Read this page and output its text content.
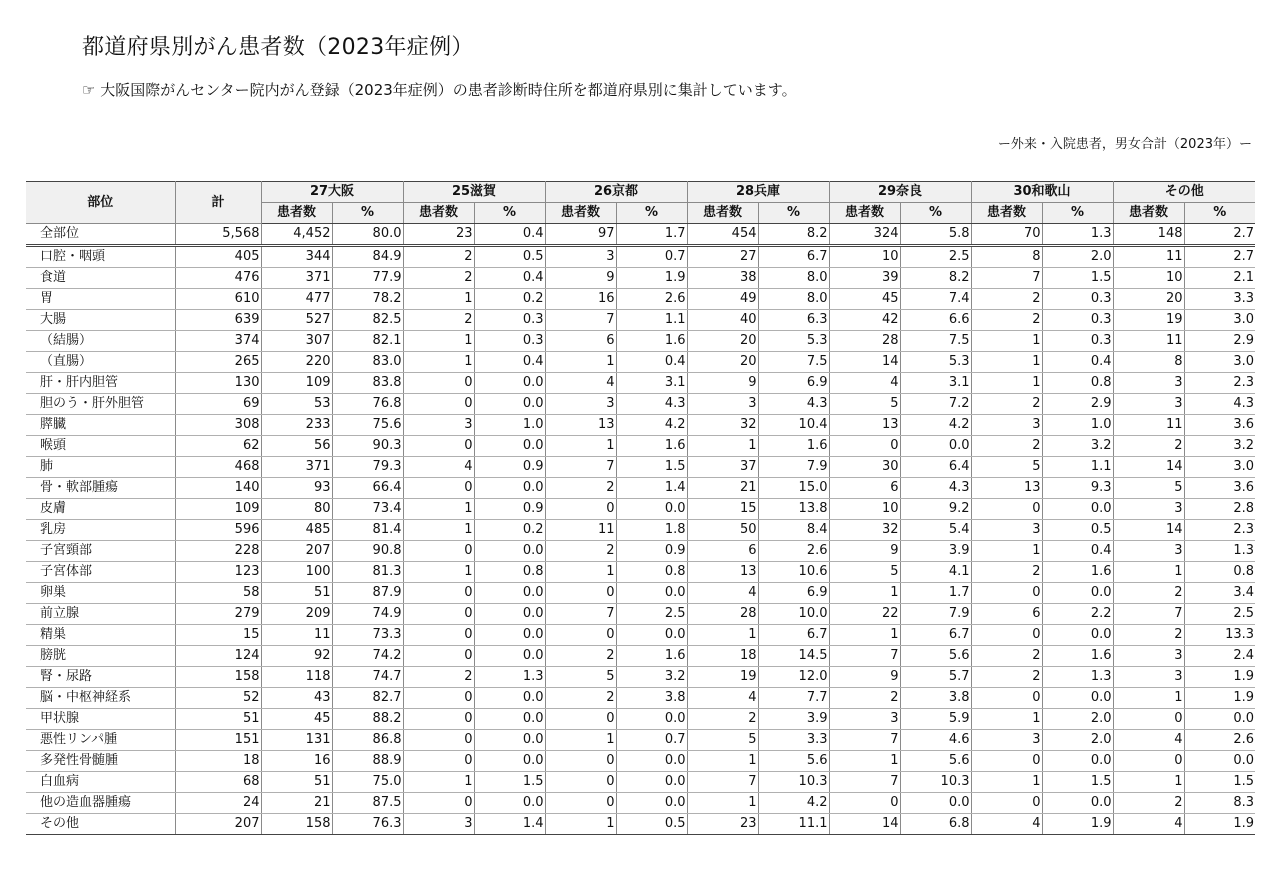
都道府県別がん患者数（2023年症例）
☞ 大阪国際がんセンター院内がん登録（2023年症例）の患者診断時住所を都道府県別に集計しています。
ー外来・入院患者，男女合計（2023年）ー
部位	計	27大阪		25滋賀		26京都		28兵庫		29奈良		30和歌山		その他	
		患者数	%	患者数	%	患者数	%	患者数	%	患者数	%	患者数	%	患者数	%
全部位	5,568	4,452	80.0	23	0.4	97	1.7	454	8.2	324	5.8	70	1.3	148	2.7
口腔・咽頭	405	344	84.9	2	0.5	3	0.7	27	6.7	10	2.5	8	2.0	11	2.7
食道	476	371	77.9	2	0.4	9	1.9	38	8.0	39	8.2	7	1.5	10	2.1
胃	610	477	78.2	1	0.2	16	2.6	49	8.0	45	7.4	2	0.3	20	3.3
大腸	639	527	82.5	2	0.3	7	1.1	40	6.3	42	6.6	2	0.3	19	3.0
（結腸）	374	307	82.1	1	0.3	6	1.6	20	5.3	28	7.5	1	0.3	11	2.9
（直腸）	265	220	83.0	1	0.4	1	0.4	20	7.5	14	5.3	1	0.4	8	3.0
肝・肝内胆管	130	109	83.8	0	0.0	4	3.1	9	6.9	4	3.1	1	0.8	3	2.3
胆のう・肝外胆管	69	53	76.8	0	0.0	3	4.3	3	4.3	5	7.2	2	2.9	3	4.3
膵臓	308	233	75.6	3	1.0	13	4.2	32	10.4	13	4.2	3	1.0	11	3.6
喉頭	62	56	90.3	0	0.0	1	1.6	1	1.6	0	0.0	2	3.2	2	3.2
肺	468	371	79.3	4	0.9	7	1.5	37	7.9	30	6.4	5	1.1	14	3.0
骨・軟部腫瘍	140	93	66.4	0	0.0	2	1.4	21	15.0	6	4.3	13	9.3	5	3.6
皮膚	109	80	73.4	1	0.9	0	0.0	15	13.8	10	9.2	0	0.0	3	2.8
乳房	596	485	81.4	1	0.2	11	1.8	50	8.4	32	5.4	3	0.5	14	2.3
子宮頸部	228	207	90.8	0	0.0	2	0.9	6	2.6	9	3.9	1	0.4	3	1.3
子宮体部	123	100	81.3	1	0.8	1	0.8	13	10.6	5	4.1	2	1.6	1	0.8
卵巣	58	51	87.9	0	0.0	0	0.0	4	6.9	1	1.7	0	0.0	2	3.4
前立腺	279	209	74.9	0	0.0	7	2.5	28	10.0	22	7.9	6	2.2	7	2.5
精巣	15	11	73.3	0	0.0	0	0.0	1	6.7	1	6.7	0	0.0	2	13.3
膀胱	124	92	74.2	0	0.0	2	1.6	18	14.5	7	5.6	2	1.6	3	2.4
腎・尿路	158	118	74.7	2	1.3	5	3.2	19	12.0	9	5.7	2	1.3	3	1.9
脳・中枢神経系	52	43	82.7	0	0.0	2	3.8	4	7.7	2	3.8	0	0.0	1	1.9
甲状腺	51	45	88.2	0	0.0	0	0.0	2	3.9	3	5.9	1	2.0	0	0.0
悪性リンパ腫	151	131	86.8	0	0.0	1	0.7	5	3.3	7	4.6	3	2.0	4	2.6
多発性骨髄腫	18	16	88.9	0	0.0	0	0.0	1	5.6	1	5.6	0	0.0	0	0.0
白血病	68	51	75.0	1	1.5	0	0.0	7	10.3	7	10.3	1	1.5	1	1.5
他の造血器腫瘍	24	21	87.5	0	0.0	0	0.0	1	4.2	0	0.0	0	0.0	2	8.3
その他	207	158	76.3	3	1.4	1	0.5	23	11.1	14	6.8	4	1.9	4	1.9
